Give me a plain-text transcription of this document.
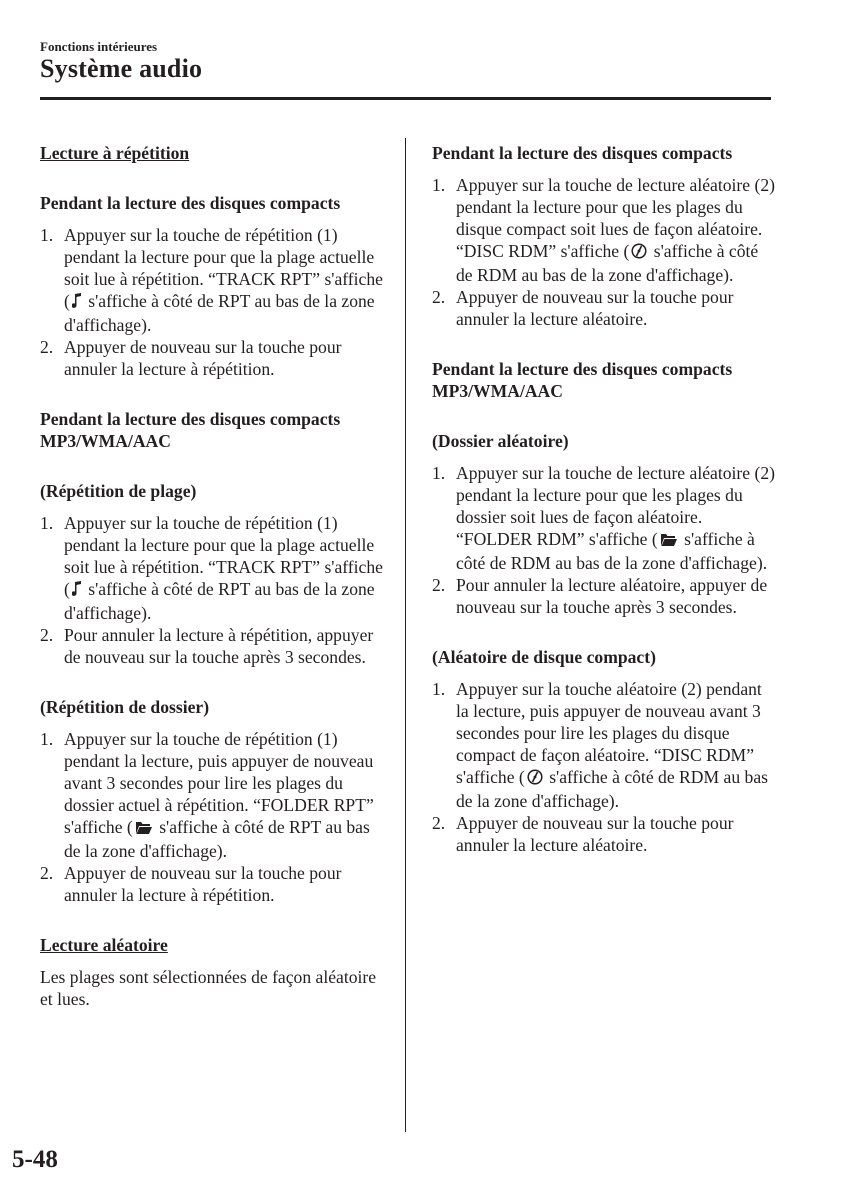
Fonctions intérieures
Système audio
Lecture à répétition
Pendant la lecture des disques compacts
1. Appuyer sur la touche de répétition (1) pendant la lecture pour que la plage actuelle soit lue à répétition. “TRACK RPT” s'affiche ( s'affiche à côté de RPT au bas de la zone d'affichage).
2. Appuyer de nouveau sur la touche pour annuler la lecture à répétition.
Pendant la lecture des disques compacts
MP3/WMA/AAC
(Répétition de plage)
1. Appuyer sur la touche de répétition (1) pendant la lecture pour que la plage actuelle soit lue à répétition. “TRACK RPT” s'affiche ( s'affiche à côté de RPT au bas de la zone d'affichage).
2. Pour annuler la lecture à répétition, appuyer de nouveau sur la touche après 3 secondes.
(Répétition de dossier)
1. Appuyer sur la touche de répétition (1) pendant la lecture, puis appuyer de nouveau avant 3 secondes pour lire les plages du dossier actuel à répétition. “FOLDER RPT” s'affiche ( s'affiche à côté de RPT au bas de la zone d'affichage).
2. Appuyer de nouveau sur la touche pour annuler la lecture à répétition.
Lecture aléatoire

Les plages sont sélectionnées de façon aléatoire et lues.

Pendant la lecture des disques compacts
1. Appuyer sur la touche de lecture aléatoire (2) pendant la lecture pour que les plages du disque compact soit lues de façon aléatoire. “DISC RDM” s'affiche ( s'affiche à côté de RDM au bas de la zone d'affichage).
2. Appuyer de nouveau sur la touche pour annuler la lecture aléatoire.
Pendant la lecture des disques compacts
MP3/WMA/AAC
(Dossier aléatoire)
1. Appuyer sur la touche de lecture aléatoire (2) pendant la lecture pour que les plages du dossier soit lues de façon aléatoire. “FOLDER RDM” s'affiche ( s'affiche à côté de RDM au bas de la zone d'affichage).
2. Pour annuler la lecture aléatoire, appuyer de nouveau sur la touche après 3 secondes.
(Aléatoire de disque compact)
1. Appuyer sur la touche aléatoire (2) pendant la lecture, puis appuyer de nouveau avant 3 secondes pour lire les plages du disque compact de façon aléatoire. “DISC RDM” s'affiche ( s'affiche à côté de RDM au bas de la zone d'affichage).
2. Appuyer de nouveau sur la touche pour annuler la lecture aléatoire.
5-48
